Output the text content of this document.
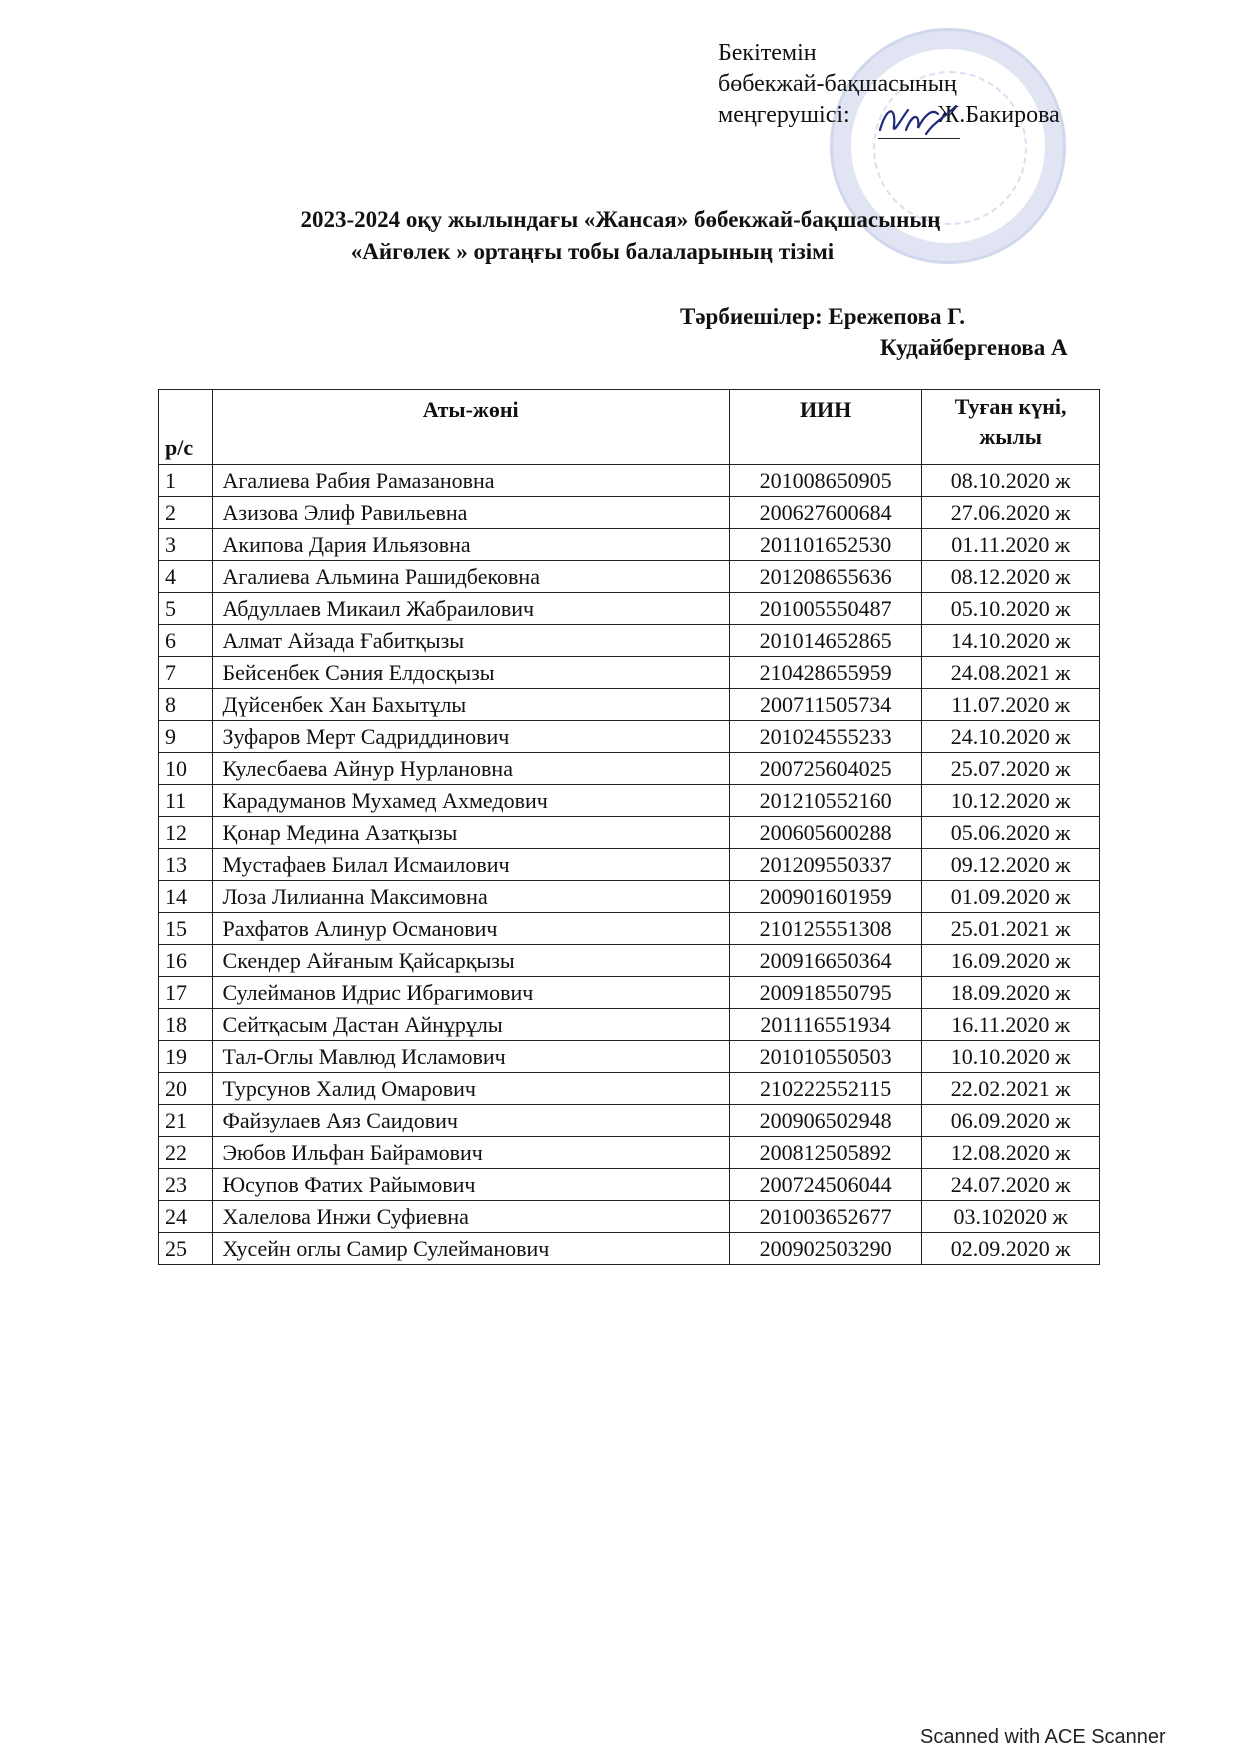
Бекітемін
бөбекжай-бақшасының
меңгерушісі:	Ж.Бакирова
2023-2024 оқу жылындағы «Жансая» бөбекжай-бақшасының
«Айгөлек » ортаңғы тобы балаларының тізімі
Тәрбиешілер: Ережепова Г.
Кудайбергенова А
р/с	Аты-жөні	ИИН	Туған күні,
жылы

1	Агалиева Рабия Рамазановна	201008650905	08.10.2020 ж
2	Азизова Элиф Равильевна	200627600684	27.06.2020 ж
3	Акипова Дария Ильязовна	201101652530	01.11.2020 ж
4	Агалиева Альмина Рашидбековна	201208655636	08.12.2020 ж
5	Абдуллаев Микаил Жабраилович	201005550487	05.10.2020 ж
6	Алмат Айзада Ғабитқызы	201014652865	14.10.2020 ж
7	Бейсенбек Сәния Елдосқызы	210428655959	24.08.2021 ж
8	Дүйсенбек Хан Бахытұлы	200711505734	11.07.2020 ж
9	Зуфаров Мерт Садриддинович	201024555233	24.10.2020 ж
10	Кулесбаева Айнур Нурлановна	200725604025	25.07.2020 ж
11	Карадуманов Мухамед Ахмедович	201210552160	10.12.2020 ж
12	Қонар Медина Азатқызы	200605600288	05.06.2020 ж
13	Мустафаев Билал Исмаилович	201209550337	09.12.2020 ж
14	Лоза Лилианна Максимовна	200901601959	01.09.2020 ж
15	Рахфатов Алинур Османович	210125551308	25.01.2021 ж
16	Скендер Айғаным Қайсарқызы	200916650364	16.09.2020 ж
17	Сулейманов Идрис Ибрагимович	200918550795	18.09.2020 ж
18	Сейтқасым Дастан Айнұрұлы	201116551934	16.11.2020 ж
19	Тал-Оглы Мавлюд Исламович	201010550503	10.10.2020 ж
20	Турсунов Халид Омарович	210222552115	22.02.2021 ж
21	Файзулаев Аяз Саидович	200906502948	06.09.2020 ж
22	Эюбов Ильфан Байрамович	200812505892	12.08.2020 ж
23	Юсупов Фатих Райымович	200724506044	24.07.2020 ж
24	Халелова Инжи Суфиевна	201003652677	03.102020 ж
25	Хусейн оглы Самир Сулейманович	200902503290	02.09.2020 ж
Scanned with ACE Scanner
